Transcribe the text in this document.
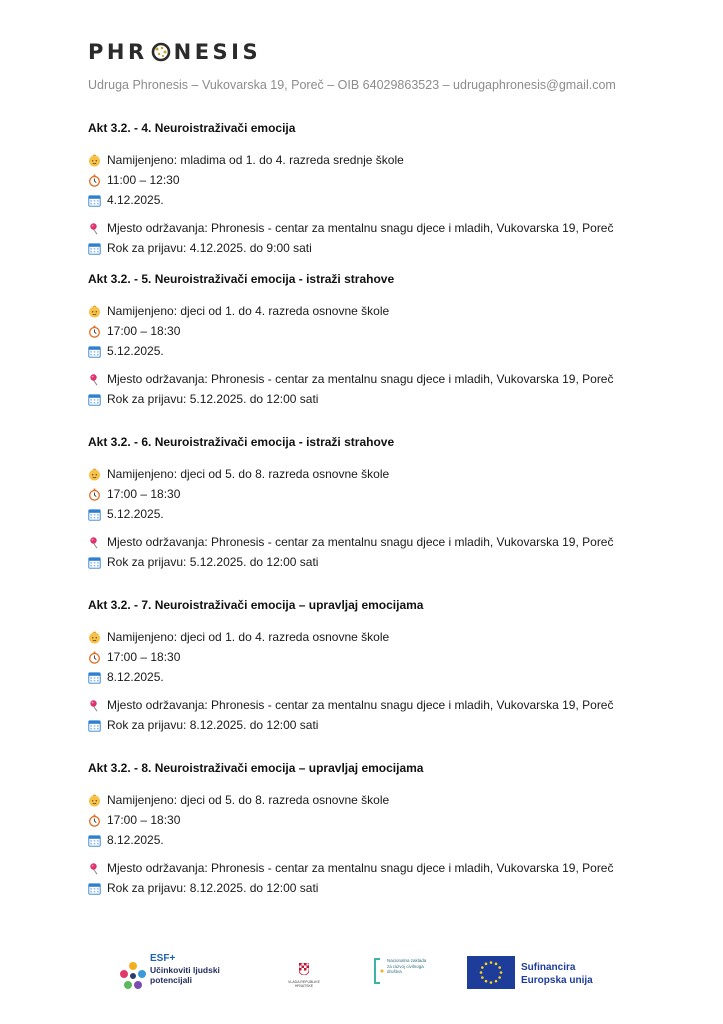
PHR NESIS
Udruga Phronesis – Vukovarska 19, Poreč – OIB 64029863523 – udrugaphronesis@gmail.com
Akt 3.2. - 4. Neuroistraživači emocija
Namijenjeno: mladima od 1. do 4. razreda srednje škole
11:00 – 12:30
4.12.2025.
Mjesto održavanja: Phronesis - centar za mentalnu snagu djece i mladih, Vukovarska 19, Poreč
Rok za prijavu: 4.12.2025. do 9:00 sati
Akt 3.2. - 5. Neuroistraživači emocija - istraži strahove
Namijenjeno: djeci od 1. do 4. razreda osnovne škole
17:00 – 18:30
5.12.2025.
Mjesto održavanja: Phronesis - centar za mentalnu snagu djece i mladih, Vukovarska 19, Poreč
Rok za prijavu: 5.12.2025. do 12:00 sati
Akt 3.2. - 6. Neuroistraživači emocija - istraži strahove
Namijenjeno: djeci od 5. do 8. razreda osnovne škole
17:00 – 18:30
5.12.2025.
Mjesto održavanja: Phronesis - centar za mentalnu snagu djece i mladih, Vukovarska 19, Poreč
Rok za prijavu: 5.12.2025. do 12:00 sati
Akt 3.2. - 7. Neuroistraživači emocija – upravljaj emocijama
Namijenjeno: djeci od 1. do 4. razreda osnovne škole
17:00 – 18:30
8.12.2025.
Mjesto održavanja: Phronesis - centar za mentalnu snagu djece i mladih, Vukovarska 19, Poreč
Rok za prijavu: 8.12.2025. do 12:00 sati
Akt 3.2. - 8. Neuroistraživači emocija – upravljaj emocijama
Namijenjeno: djeci od 5. do 8. razreda osnovne škole
17:00 – 18:30
8.12.2025.
Mjesto održavanja: Phronesis - centar za mentalnu snagu djece i mladih, Vukovarska 19, Poreč
Rok za prijavu: 8.12.2025. do 12:00 sati
ESF+
Učinkoviti ljudski
potencijali	VLADA REPUBLIKE HRVATSKE
Nacionalna zaklada za razvoj civilnoga društva	Sufinancira
Europska unija
